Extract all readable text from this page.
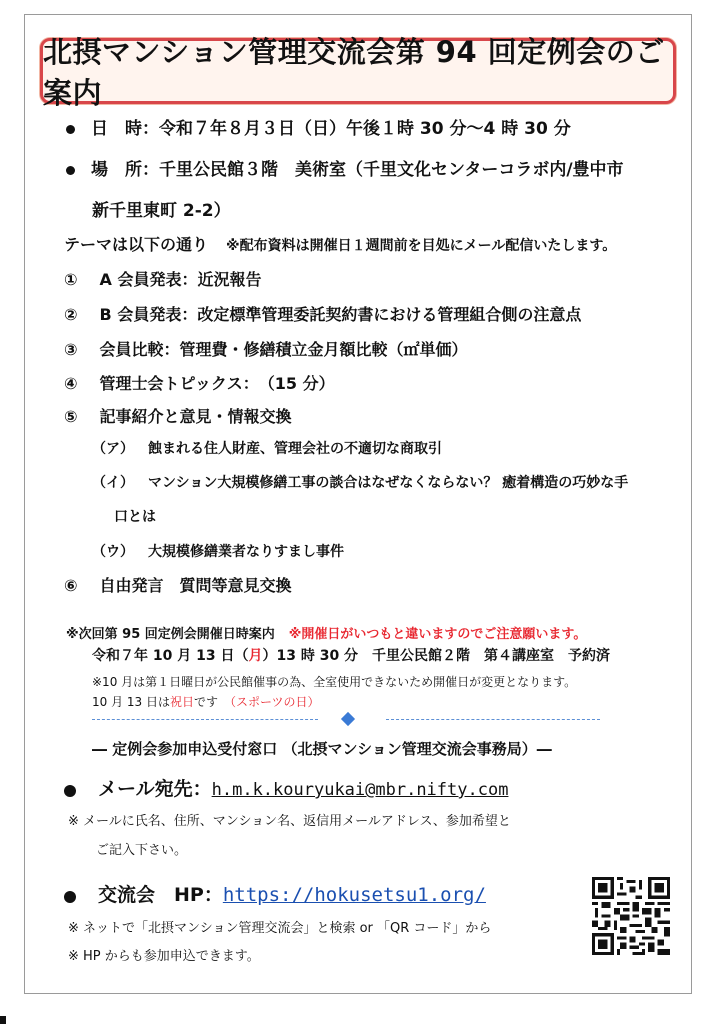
北摂マンション管理交流会第 94 回定例会のご案内
日　時：令和７年８月３日（日）午後１時 30 分～4 時 30 分
場　所：千里公民館３階　美術室（千里文化センターコラボ内/豊中市
新千里東町 2-2）
テーマは以下の通り ※配布資料は開催日１週間前を目処にメール配信いたします。
① A 会員発表：近況報告
② B 会員発表：改定標準管理委託契約書における管理組合側の注意点
③ 会員比較：管理費・修繕積立金月額比較（㎡単価）
④ 管理士会トピックス：　（15 分）
⑤ 記事紹介と意見・情報交換
（ア） 蝕まれる住人財産、管理会社の不適切な商取引
（イ） マンション大規模修繕工事の談合はなぜなくならない？ 癒着構造の巧妙な手
口とは
（ウ） 大規模修繕業者なりすまし事件
⑥ 自由発言　質問等意見交換
※次回第 95 回定例会開催日時案内 ※開催日がいつもと違いますのでご注意願います。
令和７年 10 月 13 日（月）13 時 30 分　千里公民館２階　第４講座室　予約済
※10 月は第１日曜日が公民館催事の為、全室使用できないため開催日が変更となります。
10 月 13 日は祝日です （スポーツの日）
― 定例会参加申込受付窓口 （北摂マンション管理交流会事務局）―
メール宛先：h.m.k.kouryukai@mbr.nifty.com
※ メールに氏名、住所、マンション名、返信用メールアドレス、参加希望と
ご記入下さい。
交流会　HP：https://hokusetsu1.org/
※ ネットで「北摂マンション管理交流会」と検索 or 「QR コード」から
※ HP からも参加申込できます。
